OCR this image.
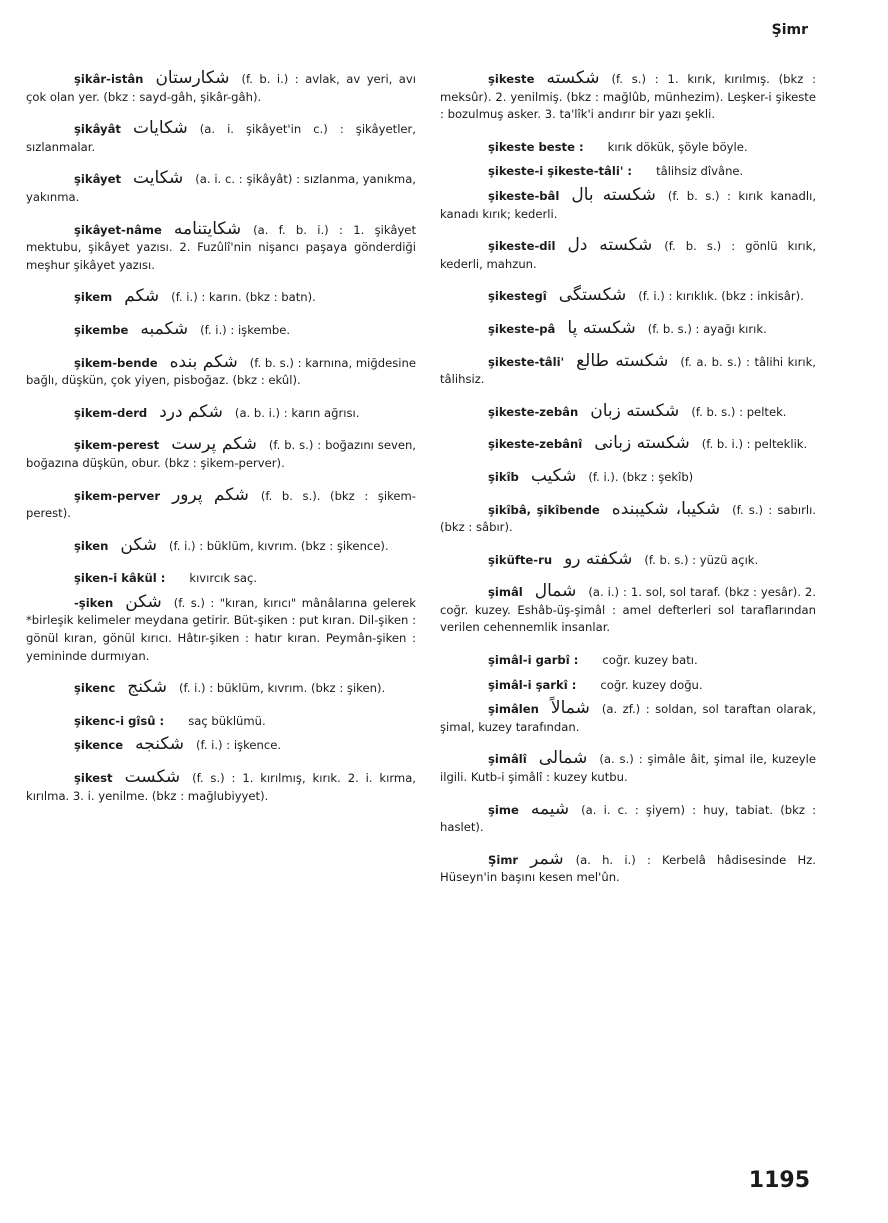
Şimr
şikâr-istân شكارستان (f. b. i.) : avlak, av yeri, avı çok olan yer. (bkz : sayd-gâh, şikâr-gâh).
şikâyât شكايات (a. i. şikâyet'in c.) : şikâyetler, sızlanmalar.
şikâyet شكايت (a. i. c. : şikâyât) : sızlanma, yanıkma, yakınma.
şikâyet-nâme شكايتنامه (a. f. b. i.) : 1. şikâyet mektubu, şikâyet yazısı. 2. Fuzûlî'nin nişancı paşaya gönderdiği meşhur şikâyet yazısı.
şikem شكم (f. i.) : karın. (bkz : batn).
şikembe شكمبه (f. i.) : işkembe.
şikem-bende شكم بنده (f. b. s.) : karnına, miğdesine bağlı, düşkün, çok yiyen, pisboğaz. (bkz : ekûl).
şikem-derd شكم درد (a. b. i.) : karın ağrısı.
şikem-perest شكم پرست (f. b. s.) : boğazını seven, boğazına düşkün, obur. (bkz : şikem-perver).
şikem-perver شكم پرور (f. b. s.). (bkz : şikem-perest).
şiken شكن (f. i.) : büklüm, kıvrım. (bkz : şikence).
şiken-i kâkül : kıvırcık saç.
-şiken شكن (f. s.) : "kıran, kırıcı" mânâlarına gelerek *birleşik kelimeler meydana getirir. Büt-şiken : put kıran. Dil-şiken : gönül kıran, gönül kırıcı. Hâtır-şiken : hatır kıran. Peymân-şiken : yemininde durmıyan.
şikenc شكنج (f. i.) : büklüm, kıvrım. (bkz : şiken).
şikenc-i gîsû : saç büklümü.
şikence شكنجه (f. i.) : işkence.
şikest شكست (f. s.) : 1. kırılmış, kırık. 2. i. kırma, kırılma. 3. i. yenilme. (bkz : mağlubiyyet).
şikeste شكسته (f. s.) : 1. kırık, kırılmış. (bkz : meksûr). 2. yenilmiş. (bkz : mağlûb, münhezim). Leşker-i şikeste : bozulmuş asker. 3. ta'lîk'i andırır bir yazı şekli.
şikeste beste : kırık dökük, şöyle böyle.
şikeste-i şikeste-tâli' : tâlihsiz dîvâne.
şikeste-bâl شكسته بال (f. b. s.) : kırık kanadlı, kanadı kırık; kederli.
şikeste-dil شكسته دل (f. b. s.) : gönlü kırık, kederli, mahzun.
şikestegî شكستگى (f. i.) : kırıklık. (bkz : inkisâr).
şikeste-pâ شكسته پا (f. b. s.) : ayağı kırık.
şikeste-tâli' شكسته طالع (f. a. b. s.) : tâlihi kırık, tâlihsiz.
şikeste-zebân شكسته زبان (f. b. s.) : peltek.
şikeste-zebânî شكسته زبانى (f. b. i.) : pelteklik.
şikîb شكيب (f. i.). (bkz : şekîb)
şikîbâ, şikîbende شكيبا، شكيبنده (f. s.) : sabırlı. (bkz : sâbır).
şiküfte-ru شكفته رو (f. b. s.) : yüzü açık.
şimâl شمال (a. i.) : 1. sol, sol taraf. (bkz : yesâr). 2. coğr. kuzey. Eshâb-üş-şimâl : amel defterleri sol taraflarından verilen cehennemlik insanlar.
şimâl-i garbî : coğr. kuzey batı.
şimâl-i şarkî : coğr. kuzey doğu.
şimâlen شمالاً (a. zf.) : soldan, sol taraftan olarak, şimal, kuzey tarafından.
şimâlî شمالى (a. s.) : şimâle âit, şimal ile, kuzeyle ilgili. Kutb-i şimâlî : kuzey kutbu.
şime شيمه (a. i. c. : şiyem) : huy, tabiat. (bkz : haslet).
Şimr شمر (a. h. i.) : Kerbelâ hâdisesinde Hz. Hüseyn'in başını kesen mel'ûn.
1195
